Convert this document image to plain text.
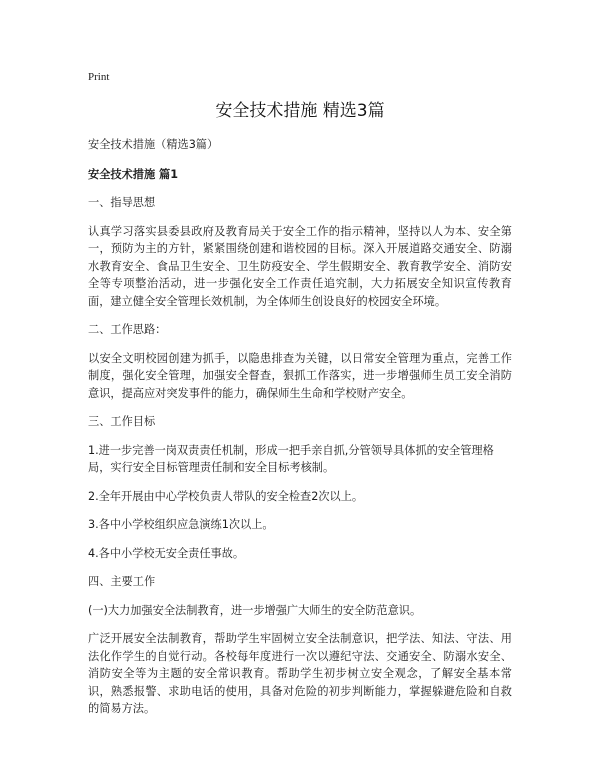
Print
安全技术措施 精选3篇

安全技术措施（精选3篇）

安全技术措施 篇1

一、指导思想

认真学习落实县委县政府及教育局关于安全工作的指示精神，坚持以人为本、安全第一，预防为主的方针，紧紧围绕创建和谐校园的目标。深入开展道路交通安全、防溺水教育安全、食品卫生安全、卫生防疫安全、学生假期安全、教育教学安全、消防安全等专项整治活动，进一步强化安全工作责任追究制，大力拓展安全知识宣传教育面，建立健全安全管理长效机制，为全体师生创设良好的校园安全环境。

二、工作思路：

以安全文明校园创建为抓手，以隐患排查为关键，以日常安全管理为重点，完善工作制度，强化安全管理，加强安全督查，狠抓工作落实，进一步增强师生员工安全消防意识，提高应对突发事件的能力，确保师生生命和学校财产安全。

三、工作目标

1.进一步完善一岗双责责任机制，形成一把手亲自抓,分管领导具体抓的安全管理格局，实行安全目标管理责任制和安全目标考核制。

2.全年开展由中心学校负责人带队的安全检查2次以上。

3.各中小学校组织应急演练1次以上。

4.各中小学校无安全责任事故。

四、主要工作

(一)大力加强安全法制教育，进一步增强广大师生的安全防范意识。

广泛开展安全法制教育，帮助学生牢固树立安全法制意识，把学法、知法、守法、用法化作学生的自觉行动。各校每年度进行一次以遵纪守法、交通安全、防溺水安全、消防安全等为主题的安全常识教育。帮助学生初步树立安全观念，了解安全基本常识，熟悉报警、求助电话的使用，具备对危险的初步判断能力，掌握躲避危险和自救的简易方法。
